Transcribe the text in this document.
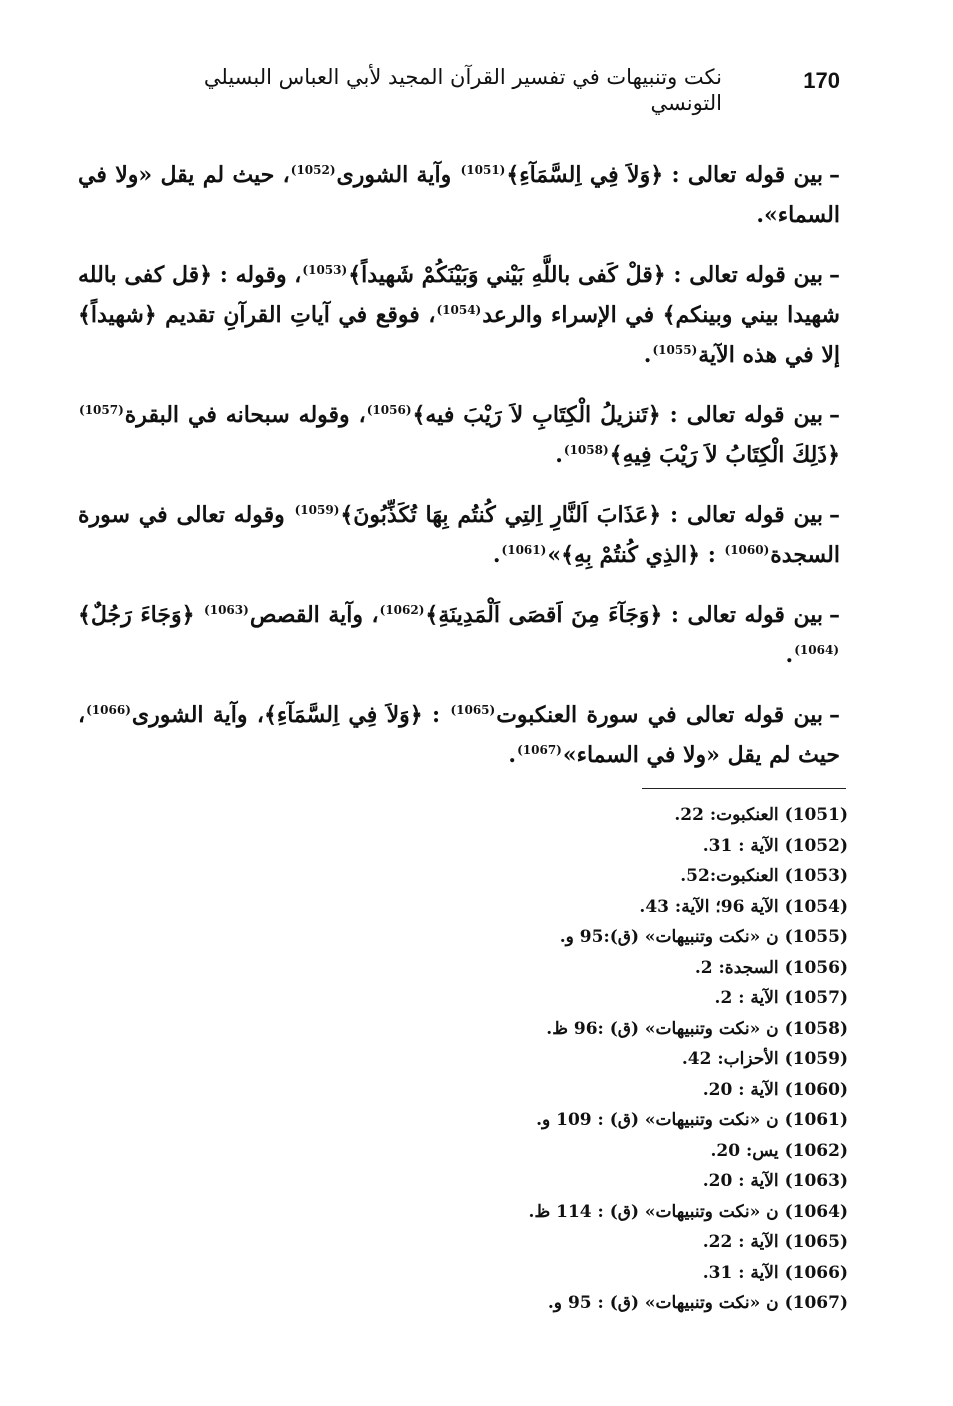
170
نكت وتنبيهات في تفسير القرآن المجيد لأبي العباس البسيلي التونسي

–بين قوله تعالى : ﴿وَلاَ فِي اِلسَّمَآءِ﴾$^{(1051)}$ وآية الشورى$^{(1052)}$، حيث لم يقل «ولا في السماء».

–بين قوله تعالى : ﴿قلْ كَفى باللَّهِ بَيْني وَبَيْنَكُمْ شَهيداً﴾$^{(1053)}$، وقوله : ﴿قل كفى بالله شهيدا بيني وبينكم﴾ في الإسراء والرعد$^{(1054)}$، فوقع في آياتِ القرآنِ تقديم ﴿شهيداً﴾ إلا في هذه الآية$^{(1055)}$.

–بين قوله تعالى : ﴿تَنزيلُ الْكِتَابِ لاَ رَيْبَ فيه﴾$^{(1056)}$، وقوله سبحانه في البقرة$^{(1057)}$ ﴿ذَلِكَ الْكِتَابُ لاَ رَيْبَ فِيهِ﴾$^{(1058)}$.

–بين قوله تعالى : ﴿عَذَابَ اَلنَّارِ اِلتِي كُنتُم بِهَا تُكَذِّبُونَ﴾$^{(1059)}$ وقوله تعالى في سورة السجدة$^{(1060)}$ : ﴿الذِي كُنتُمْ بِهِ﴾»$^{(1061)}$.

–بين قوله تعالى : ﴿وَجَآءَ مِنَ اَقصَى اَلْمَدِينَةِ﴾$^{(1062)}$، وآية القصص$^{(1063)}$ ﴿وَجَاءَ رَجُلٌ﴾$^{(1064)}$.

–بين قوله تعالى في سورة العنكبوت$^{(1065)}$ : ﴿وَلاَ فِي اِلسَّمَآءِ﴾، وآية الشورى$^{(1066)}$، حيث لم يقل «ولا في السماء»$^{(1067)}$.

(1051) العنكبوت: 22.
(1052) الآية : 31.
(1053) العنكبوت:52.
(1054) الآية 96؛ الآية: 43.
(1055) ن «نكت وتنبيهات» (ق):95 و.
(1056) السجدة: 2.
(1057) الآية : 2.
(1058) ن «نكت وتنبيهات» (ق) :96 ظ.
(1059) الأحزاب: 42.
(1060) الآية : 20.
(1061) ن «نكت وتنبيهات» (ق) : 109 و.
(1062) يس: 20.
(1063) الآية : 20.
(1064) ن «نكت وتنبيهات» (ق) : 114 ظ.
(1065) الآية : 22.
(1066) الآية : 31.
(1067) ن «نكت وتنبيهات» (ق) : 95 و.
